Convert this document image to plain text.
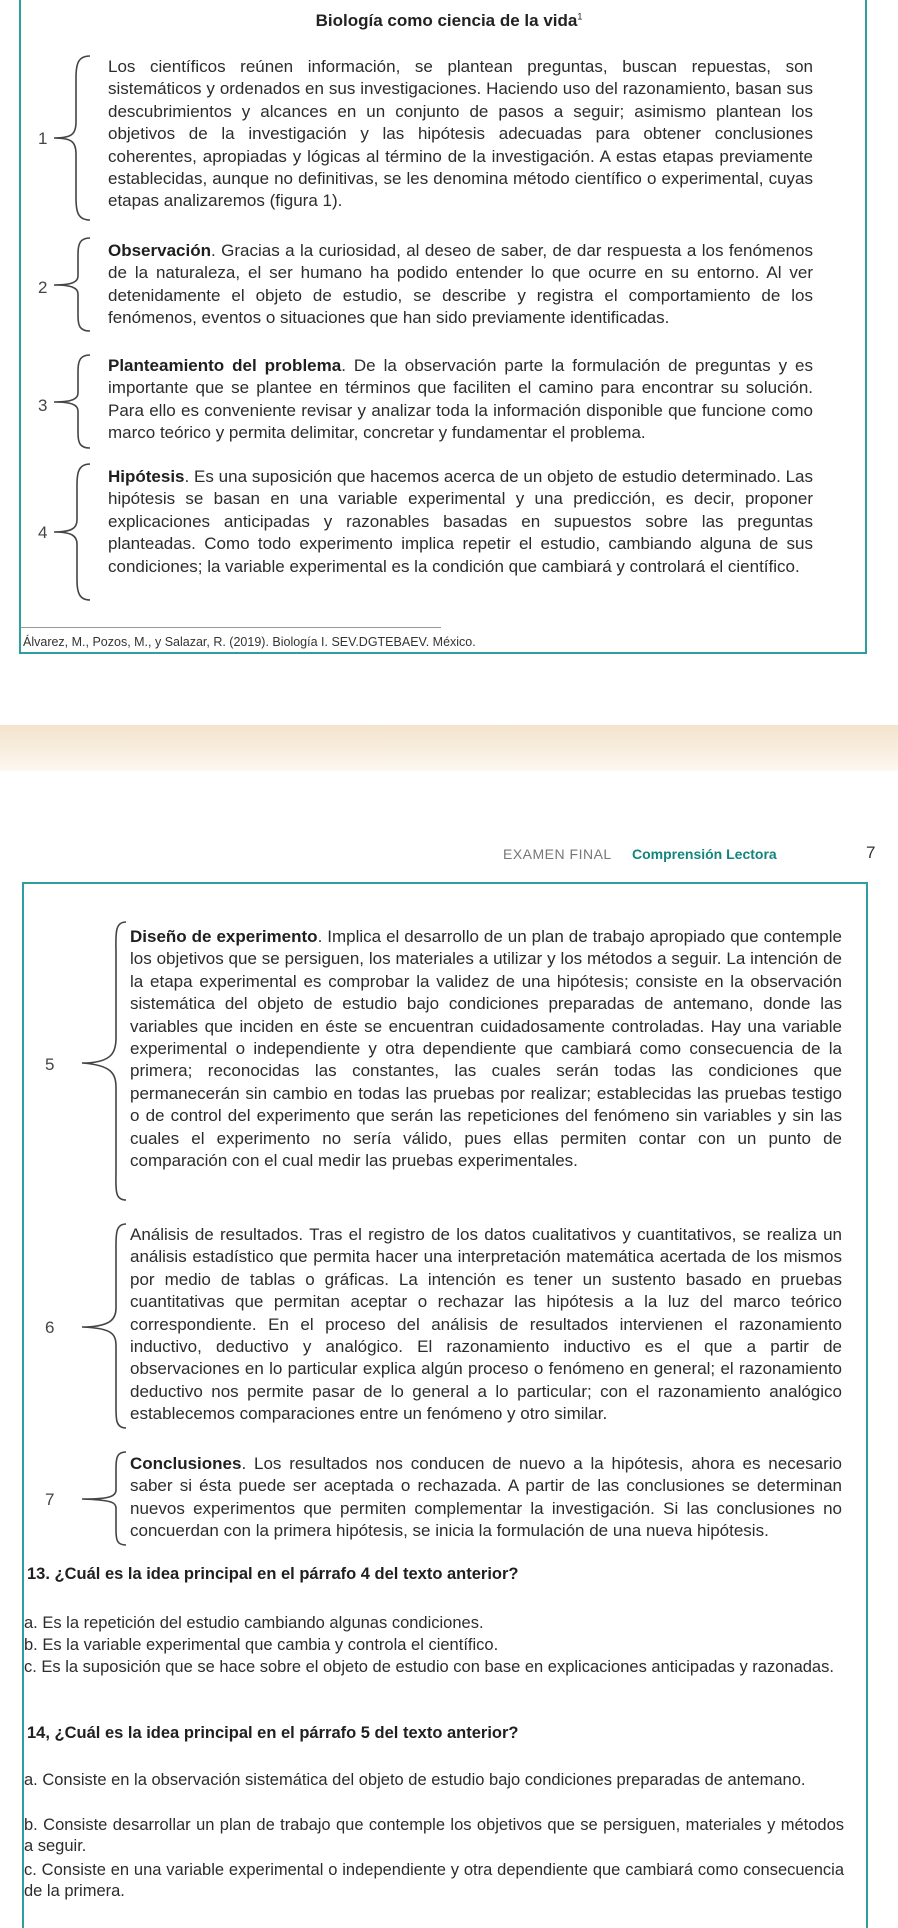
Biología como ciencia de la vida$^1$
1

Los científicos reúnen información, se plantean preguntas, buscan repuestas, son sistemáticos y ordenados en sus investigaciones. Haciendo uso del razonamiento, basan sus descubrimientos y alcances en un conjunto de pasos a seguir; asimismo plantean los objetivos de la investigación y las hipótesis adecuadas para obtener conclusiones coherentes, apropiadas y lógicas al término de la investigación. A estas etapas previamente establecidas, aunque no definitivas, se les denomina método científico o experimental, cuyas etapas analizaremos (figura 1).

2

Observación. Gracias a la curiosidad, al deseo de saber, de dar respuesta a los fenómenos de la naturaleza, el ser humano ha podido entender lo que ocurre en su entorno. Al ver detenidamente el objeto de estudio, se describe y registra el comportamiento de los fenómenos, eventos o situaciones que han sido previamente identificadas.

3

Planteamiento del problema. De la observación parte la formulación de preguntas y es importante que se plantee en términos que faciliten el camino para encontrar su solución. Para ello es conveniente revisar y analizar toda la información disponible que funcione como marco teórico y permita delimitar, concretar y fundamentar el problema.

4

Hipótesis. Es una suposición que hacemos acerca de un objeto de estudio determinado. Las hipótesis se basan en una variable experimental y una predicción, es decir, proponer explicaciones anticipadas y razonables basadas en supuestos sobre las preguntas planteadas. Como todo experimento implica repetir el estudio, cambiando alguna de sus condiciones; la variable experimental es la condición que cambiará y controlará el científico.

Álvarez, M., Pozos, M., y Salazar, R. (2019). Biología I. SEV.DGTEBAEV. México.
EXAMEN FINAL Comprensión Lectora	7
5

Diseño de experimento. Implica el desarrollo de un plan de trabajo apropiado que contemple los objetivos que se persiguen, los materiales a utilizar y los métodos a seguir. La intención de la etapa experimental es comprobar la validez de una hipótesis; consiste en la observación sistemática del objeto de estudio bajo condiciones preparadas de antemano, donde las variables que inciden en éste se encuentran cuidadosamente controladas. Hay una variable experimental o independiente y otra dependiente que cambiará como consecuencia de la primera; reconocidas las constantes, las cuales serán todas las condiciones que permanecerán sin cambio en todas las pruebas por realizar; establecidas las pruebas testigo o de control del experimento que serán las repeticiones del fenómeno sin variables y sin las cuales el experimento no sería válido, pues ellas permiten contar con un punto de comparación con el cual medir las pruebas experimentales.

6

Análisis de resultados. Tras el registro de los datos cualitativos y cuantitativos, se realiza un análisis estadístico que permita hacer una interpretación matemática acertada de los mismos por medio de tablas o gráficas. La intención es tener un sustento basado en pruebas cuantitativas que permitan aceptar o rechazar las hipótesis a la luz del marco teórico correspondiente. En el proceso del análisis de resultados intervienen el razonamiento inductivo, deductivo y analógico. El razonamiento inductivo es el que a partir de observaciones en lo particular explica algún proceso o fenómeno en general; el razonamiento deductivo nos permite pasar de lo general a lo particular; con el razonamiento analógico establecemos comparaciones entre un fenómeno y otro similar.

7

Conclusiones. Los resultados nos conducen de nuevo a la hipótesis, ahora es necesario saber si ésta puede ser aceptada o rechazada. A partir de las conclusiones se determinan nuevos experimentos que permiten complementar la investigación. Si las conclusiones no concuerdan con la primera hipótesis, se inicia la formulación de una nueva hipótesis.

13. ¿Cuál es la idea principal en el párrafo 4 del texto anterior?

a. Es la repetición del estudio cambiando algunas condiciones.

b. Es la variable experimental que cambia y controla el científico.

c. Es la suposición que se hace sobre el objeto de estudio con base en explicaciones anticipadas y razonadas.

14, ¿Cuál es la idea principal en el párrafo 5 del texto anterior?

a. Consiste en la observación sistemática del objeto de estudio bajo condiciones preparadas de antemano.

b. Consiste desarrollar un plan de trabajo que contemple los objetivos que se persiguen, materiales y métodos a seguir.

c. Consiste en una variable experimental o independiente y otra dependiente que cambiará como consecuencia de la primera.
